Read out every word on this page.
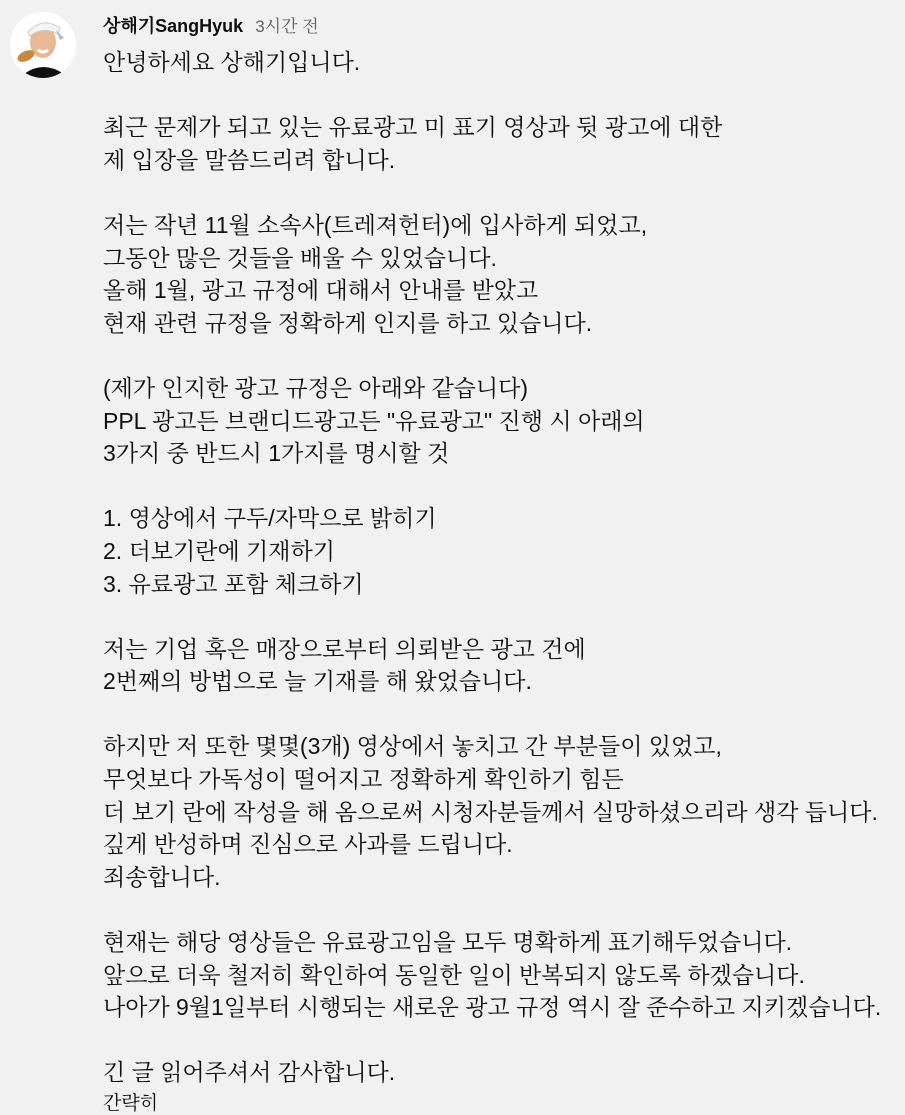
상해기SangHyuk 3시간 전
안녕하세요 상해기입니다.
최근 문제가 되고 있는 유료광고 미 표기 영상과 뒷 광고에 대한
제 입장을 말씀드리려 합니다.
저는 작년 11월 소속사(트레져헌터)에 입사하게 되었고,
그동안 많은 것들을 배울 수 있었습니다.
올해 1월, 광고 규정에 대해서 안내를 받았고
현재 관련 규정을 정확하게 인지를 하고 있습니다.
(제가 인지한 광고 규정은 아래와 같습니다)
PPL 광고든 브랜디드광고든 "유료광고" 진행 시 아래의
3가지 중 반드시 1가지를 명시할 것
1. 영상에서 구두/자막으로 밝히기
2. 더보기란에 기재하기
3. 유료광고 포함 체크하기
저는 기업 혹은 매장으로부터 의뢰받은 광고 건에
2번째의 방법으로 늘 기재를 해 왔었습니다.
하지만 저 또한 몇몇(3개) 영상에서 놓치고 간 부분들이 있었고,
무엇보다 가독성이 떨어지고 정확하게 확인하기 힘든
더 보기 란에 작성을 해 옴으로써 시청자분들께서 실망하셨으리라 생각 듭니다.
깊게 반성하며 진심으로 사과를 드립니다.
죄송합니다.
현재는 해당 영상들은 유료광고임을 모두 명확하게 표기해두었습니다.
앞으로 더욱 철저히 확인하여 동일한 일이 반복되지 않도록 하겠습니다.
나아가 9월1일부터 시행되는 새로운 광고 규정 역시 잘 준수하고 지키겠습니다.
긴 글 읽어주셔서 감사합니다.
간략히
